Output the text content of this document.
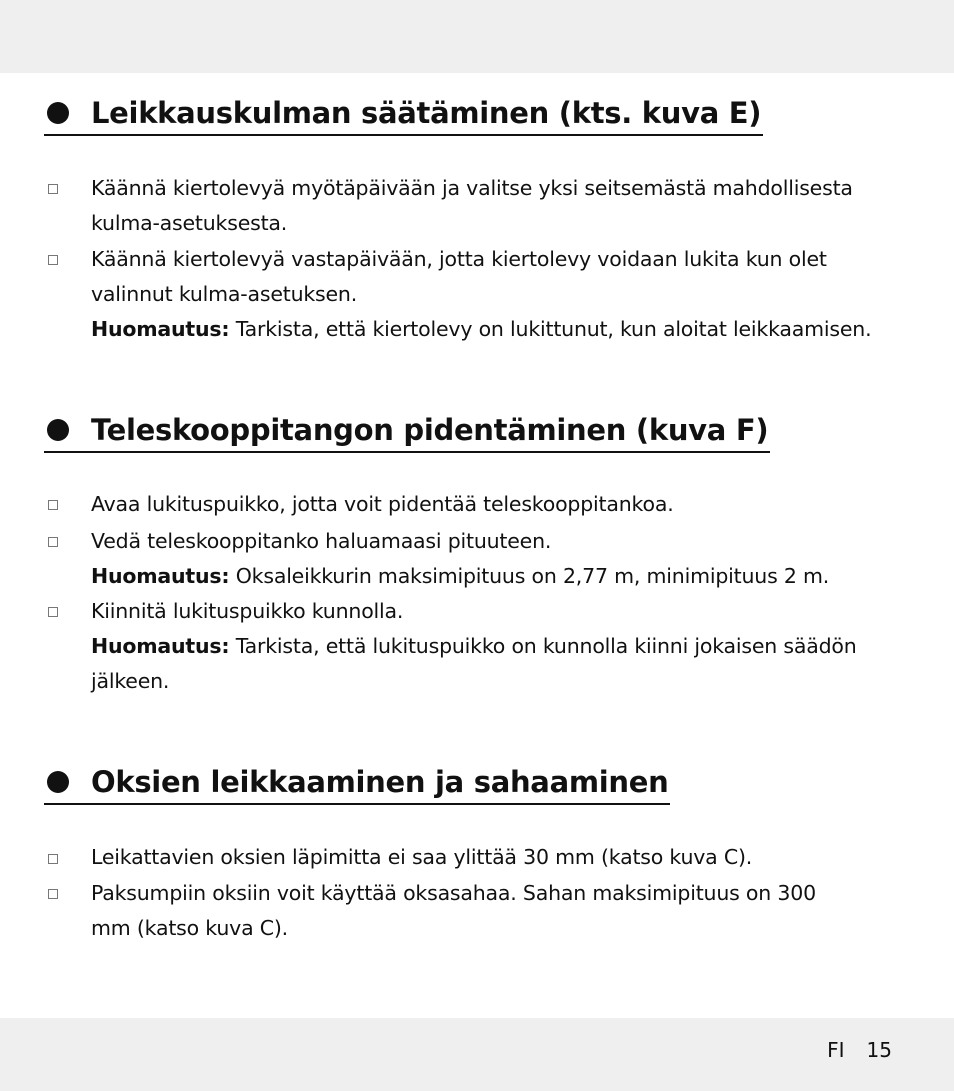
Leikkauskulman säätäminen (kts. kuva E)
Käännä kiertolevyä myötäpäivään ja valitse yksi seitsemästä mahdollisesta kulma-asetuksesta.
Käännä kiertolevyä vastapäivään, jotta kiertolevy voidaan lukita kun olet valinnut kulma-asetuksen.
Huomautus: Tarkista, että kiertolevy on lukittunut, kun aloitat leikkaamisen.
Teleskooppitangon pidentäminen (kuva F)
Avaa lukituspuikko, jotta voit pidentää teleskooppitankoa.
Vedä teleskooppitanko haluamaasi pituuteen.
Huomautus: Oksaleikkurin maksimipituus on 2,77 m, minimipituus 2 m.
Kiinnitä lukituspuikko kunnolla.
Huomautus: Tarkista, että lukituspuikko on kunnolla kiinni jokaisen säädön jälkeen.
Oksien leikkaaminen ja sahaaminen
Leikattavien oksien läpimitta ei saa ylittää 30 mm (katso kuva C).
Paksumpiin oksiin voit käyttää oksasahaa. Sahan maksimipituus on 300 mm (katso kuva C).
FI 15
